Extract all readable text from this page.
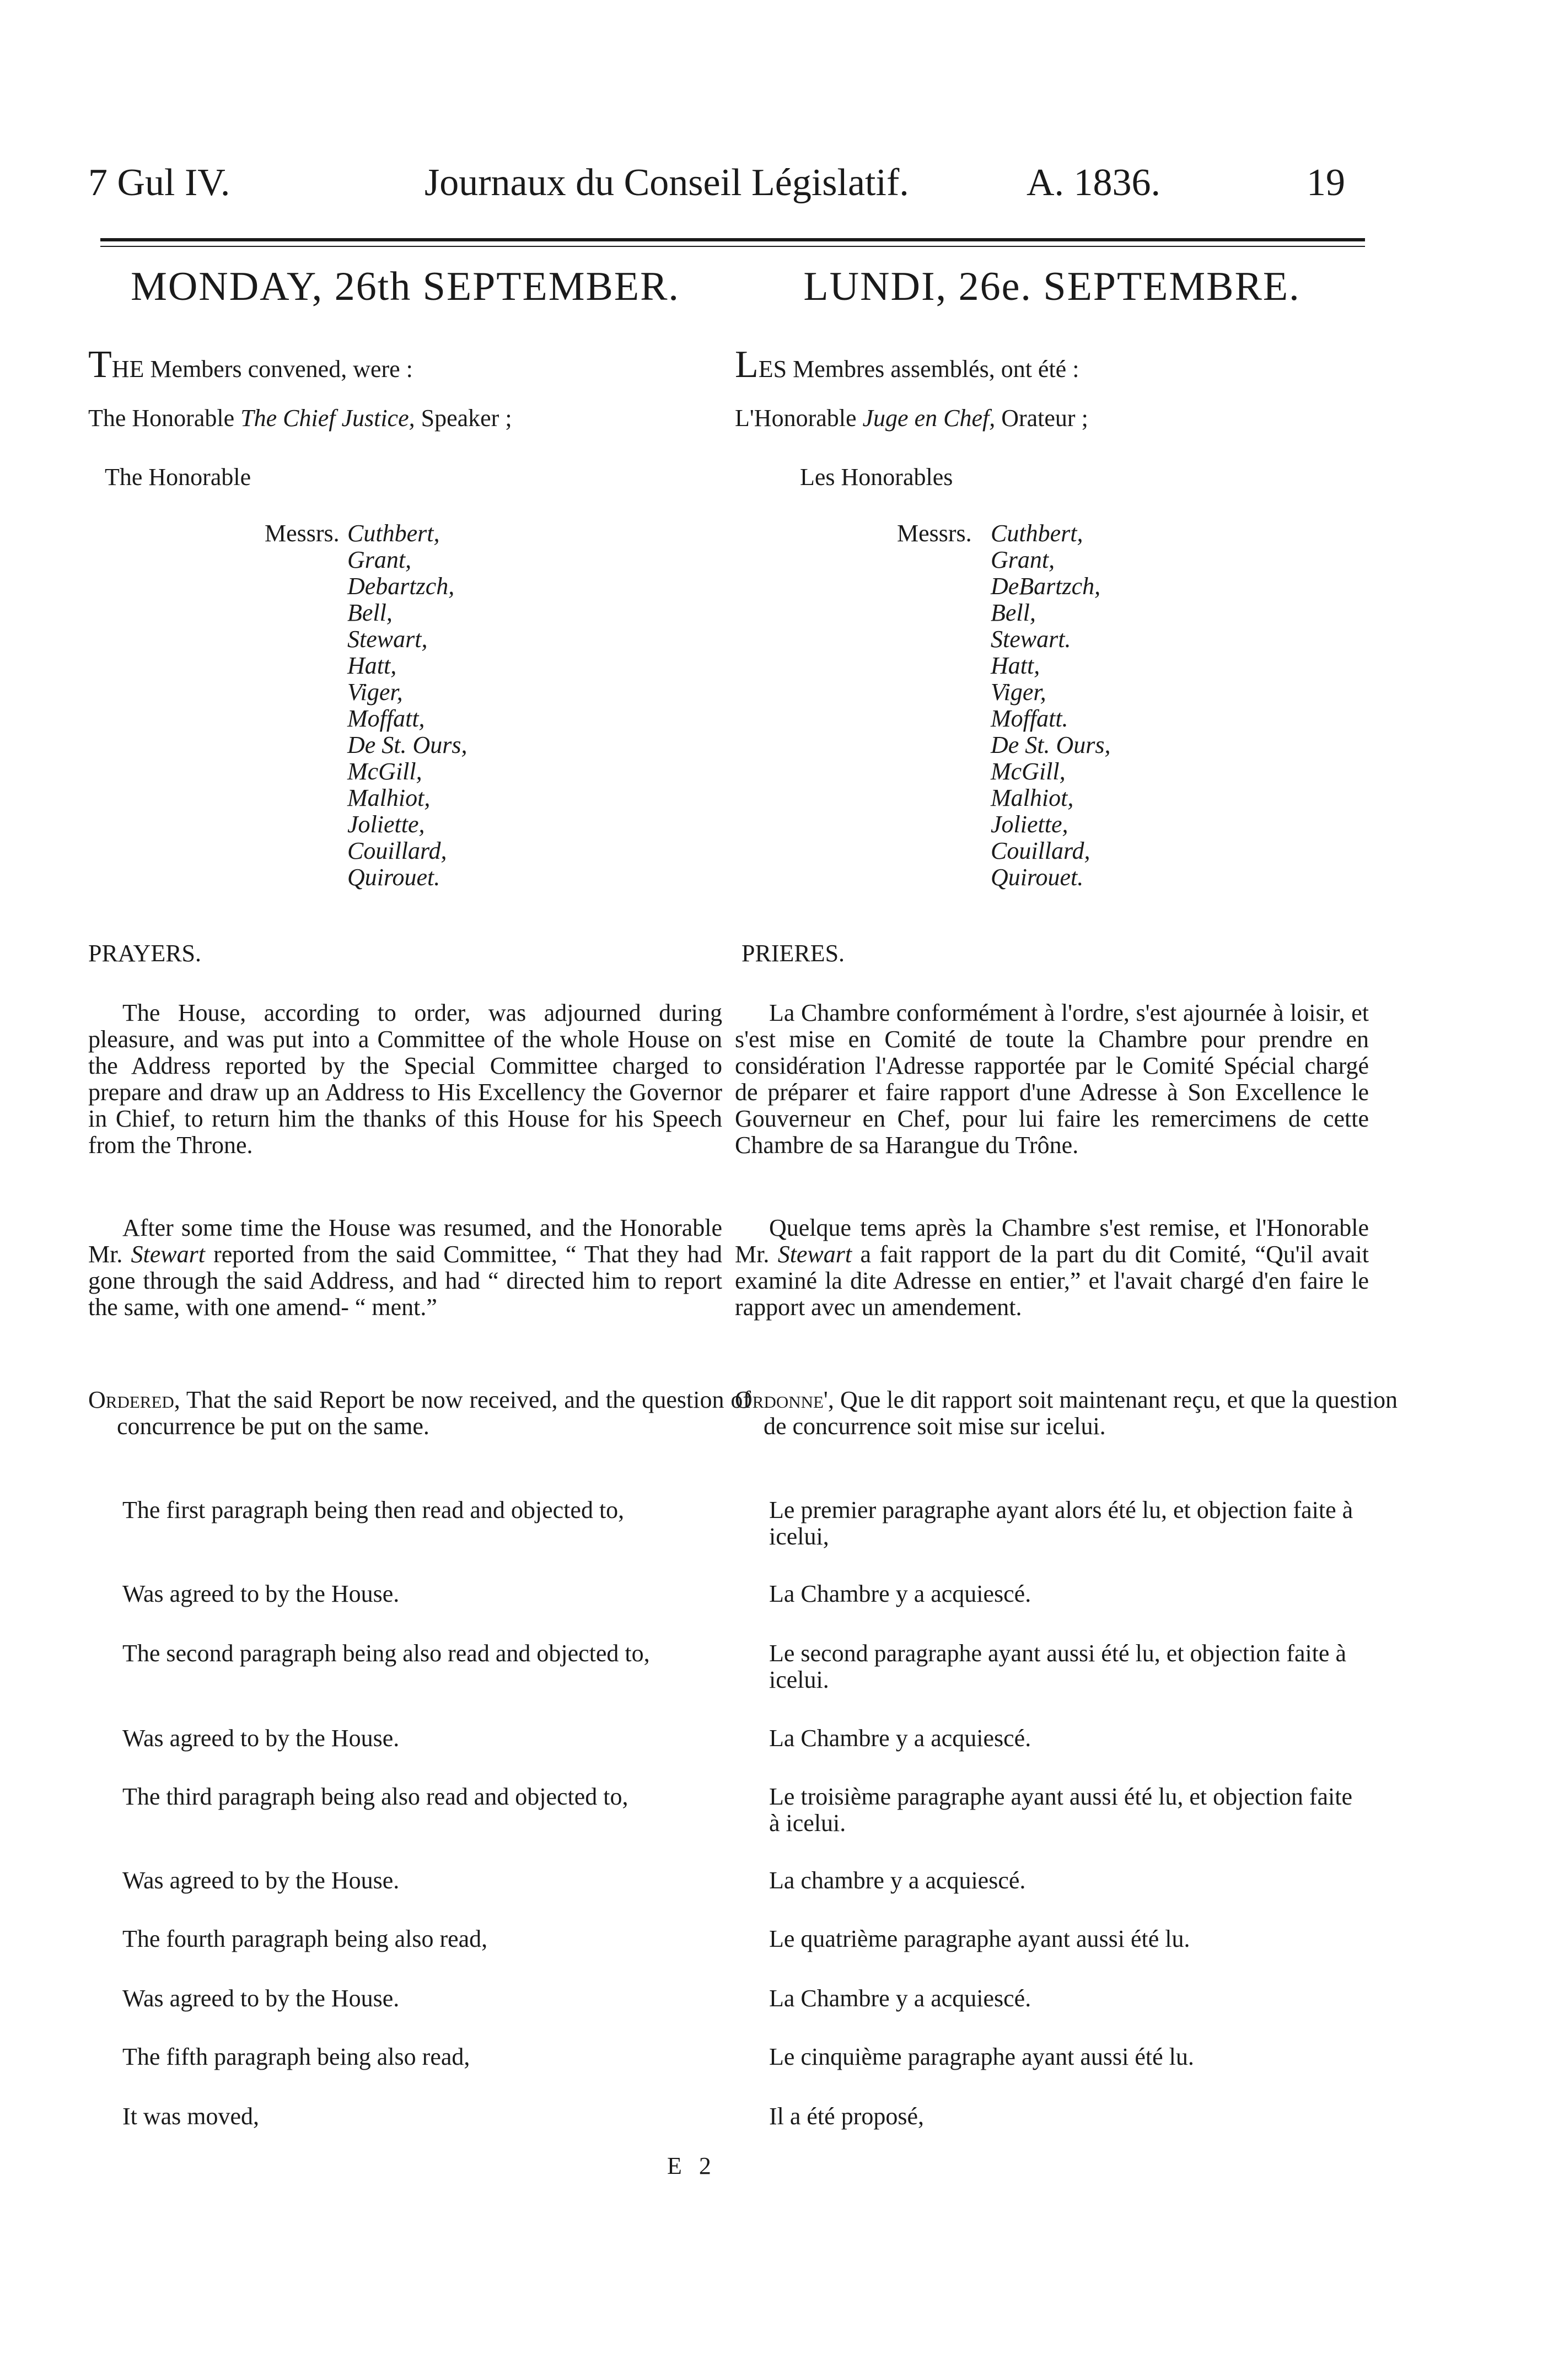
7 Gul IV.	Journaux du Conseil Législatif.	A. 1836.	19
MONDAY, 26th SEPTEMBER.
THE Members convened, were :
The Honorable The Chief Justice, Speaker ;
The Honorable
Messrs. Cuthbert,
Grant,
Debartzch,
Bell,
Stewart,
Hatt,
Viger,
Moffatt,
De St. Ours,
McGill,
Malhiot,
Joliette,
Couillard,
Quirouet.
PRAYERS.
The House, according to order, was adjourned during pleasure, and was put into a Committee of the whole House on the Address reported by the Special Committee charged to prepare and draw up an Address to His Excellency the Governor in Chief, to return him the thanks of this House for his Speech from the Throne.
After some time the House was resumed, and the Honorable Mr. Stewart reported from the said Committee, “ That they had gone through the said Address, and had “ directed him to report the same, with one amend- “ ment.”
Ordered, That the said Report be now received, and the question of concurrence be put on the same.
The first paragraph being then read and objected to,
Was agreed to by the House.
The second paragraph being also read and objected to,
Was agreed to by the House.
The third paragraph being also read and objected to,
Was agreed to by the House.
The fourth paragraph being also read,
Was agreed to by the House.
The fifth paragraph being also read,
It was moved,
LUNDI, 26e. SEPTEMBRE.
LES Membres assemblés, ont été :
L'Honorable Juge en Chef, Orateur ;
Les Honorables
Messrs. Cuthbert,
Grant,
DeBartzch,
Bell,
Stewart.
Hatt,
Viger,
Moffatt.
De St. Ours,
McGill,
Malhiot,
Joliette,
Couillard,
Quirouet.
PRIERES.
La Chambre conformément à l'ordre, s'est ajournée à loisir, et s'est mise en Comité de toute la Chambre pour prendre en considération l'Adresse rapportée par le Comité Spécial chargé de préparer et faire rapport d'une Adresse à Son Excellence le Gouverneur en Chef, pour lui faire les remercimens de cette Chambre de sa Harangue du Trône.
Quelque tems après la Chambre s'est remise, et l'Honorable Mr. Stewart a fait rapport de la part du dit Comité, “Qu'il avait examiné la dite Adresse en entier,” et l'avait chargé d'en faire le rapport avec un amendement.
Ordonne', Que le dit rapport soit maintenant reçu, et que la question de concurrence soit mise sur icelui.
Le premier paragraphe ayant alors été lu, et objection faite à icelui,
La Chambre y a acquiescé.
Le second paragraphe ayant aussi été lu, et objection faite à icelui.
La Chambre y a acquiescé.
Le troisième paragraphe ayant aussi été lu, et objection faite à icelui.
La chambre y a acquiescé.
Le quatrième paragraphe ayant aussi été lu.
La Chambre y a acquiescé.
Le cinquième paragraphe ayant aussi été lu.
Il a été proposé,
E 2
